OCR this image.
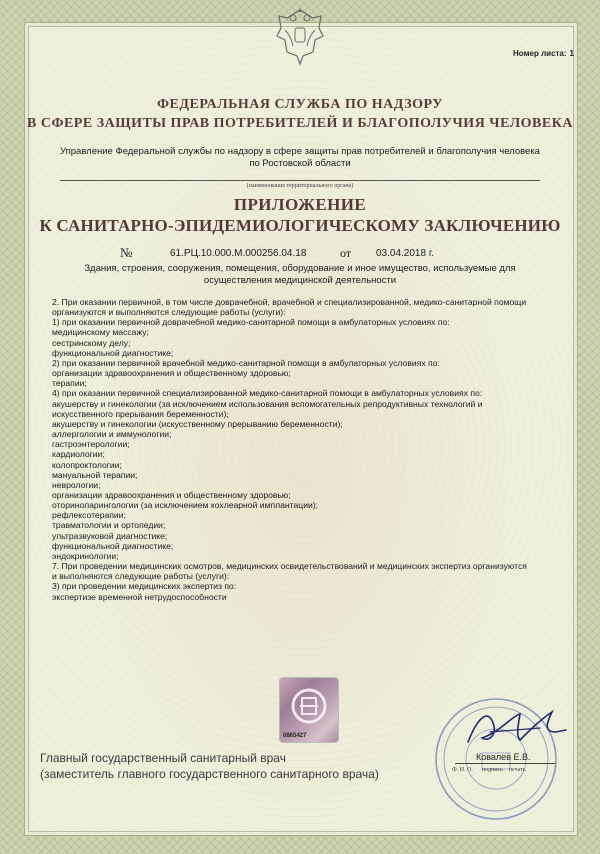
Номер листа: 1
ФЕДЕРАЛЬНАЯ СЛУЖБА ПО НАДЗОРУ
В СФЕРЕ ЗАЩИТЫ ПРАВ ПОТРЕБИТЕЛЕЙ И БЛАГОПОЛУЧИЯ ЧЕЛОВЕКА
Управление Федеральной службы по надзору в сфере защиты прав потребителей и благополучия человека по Ростовской области
(наименование территориального органа)
ПРИЛОЖЕНИЕ
К САНИТАРНО-ЭПИДЕМИОЛОГИЧЕСКОМУ ЗАКЛЮЧЕНИЮ
№	61.РЦ.10.000.М.000256.04.18	от 03.04.2018 г.
Здания, строения, сооружения, помещения, оборудование и иное имущество, используемые для осуществления медицинской деятельности
2. При оказании первичной, в том числе доврачебной, врачебной и специализированной, медико-санитарной помощи
организуются и выполняются следующие работы (услуги):
1) при оказании первичной доврачебной медико-санитарной помощи в амбулаторных условиях по:
медицинскому массажу;
сестринскому делу;
функциональной диагностике;
2) при оказании первичной врачебной медико-санитарной помощи в амбулаторных условиях по:
организации здравоохранения и общественному здоровью;
терапии;
4) при оказании первичной специализированной медико-санитарной помощи в амбулаторных условиях по:
акушерству и гинекологии (за исключением использования вспомогательных репродуктивных технологий и
искусственного прерывания беременности);
акушерству и гинекологии (искусственному прерыванию беременности);
аллергологии и иммунологии;
гастроэнтерологии;
кардиологии;
колопроктологии;
мануальной терапии;
неврологии;
организации здравоохранения и общественному здоровью;
оториноларингологии (за исключением кохлеарной имплантации);
рефлексотерапии;
травматологии и ортопедии;
ультразвуковой диагностике;
функциональной диагностике;
эндокринологии;
7. При проведении медицинских осмотров, медицинских освидетельствований и медицинских экспертиз организуются
и выполняются следующие работы (услуги):
3) при проведении медицинских экспертиз по:
экспертизе временной нетрудоспособности
0865427
Главный государственный санитарный врач
(заместитель главного государственного санитарного врача)
Ковалев Е.В.
Ф. И. О. подпись печать
